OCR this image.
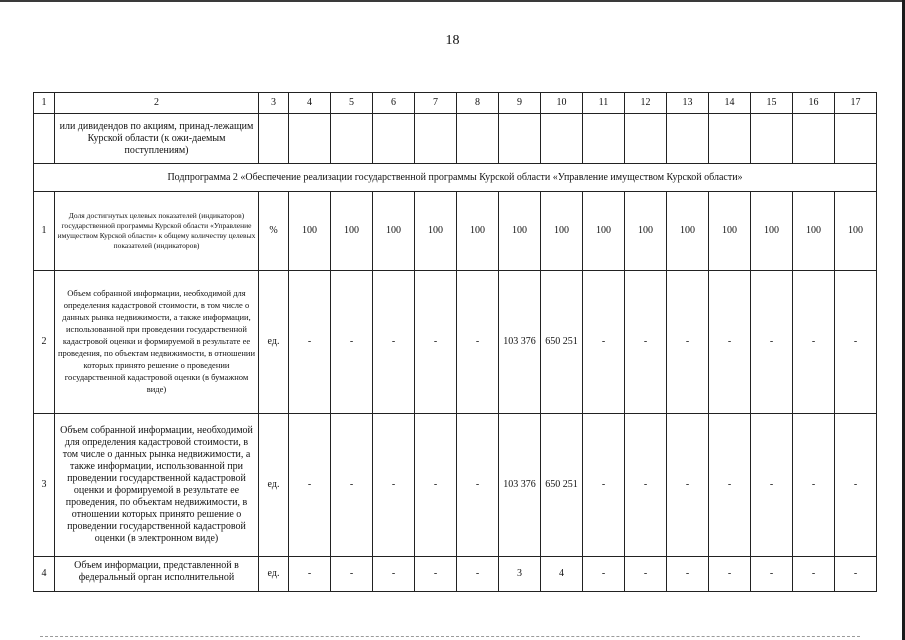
18
1	2	3	4	5	6	7	8	9	10	11	12	13	14	15	16	17
	или дивидендов по акциям, принад-лежащим Курской области (к ожи-даемым поступлениям)															
Подпрограмма 2 «Обеспечение реализации государственной программы Курской области «Управление имуществом Курской области»																
1	Доля достигнутых целевых показателей (индикаторов) государственной программы Курской области «Управление имуществом Курской области» к общему количеству целевых показателей (индикаторов)	%	100	100	100	100	100	100	100	100	100	100	100	100	100	100
2	Объем собранной информации, необходимой для определения кадастровой стоимости, в том числе о данных рынка недвижимости, а также информации, использованной при проведении государственной кадастровой оценки и формируемой в результате ее проведения, по объектам недвижимости, в отношении которых принято решение о проведении государственной кадастровой оценки (в бумажном виде)	ед.	-	-	-	-	-	103 376	650 251	-	-	-	-	-	-	-
3	Объем собранной информации, необходимой для определения кадастровой стоимости, в том числе о данных рынка недвижимости, а также информации, использованной при проведении государственной кадастровой оценки и формируемой в результате ее проведения, по объектам недвижимости, в отношении которых принято решение о проведении государственной кадастровой оценки (в электронном виде)	ед.	-	-	-	-	-	103 376	650 251	-	-	-	-	-	-	-
4	Объем информации, представленной в федеральный орган исполнительной	ед.	-	-	-	-	-	3	4	-	-	-	-	-	-	-
